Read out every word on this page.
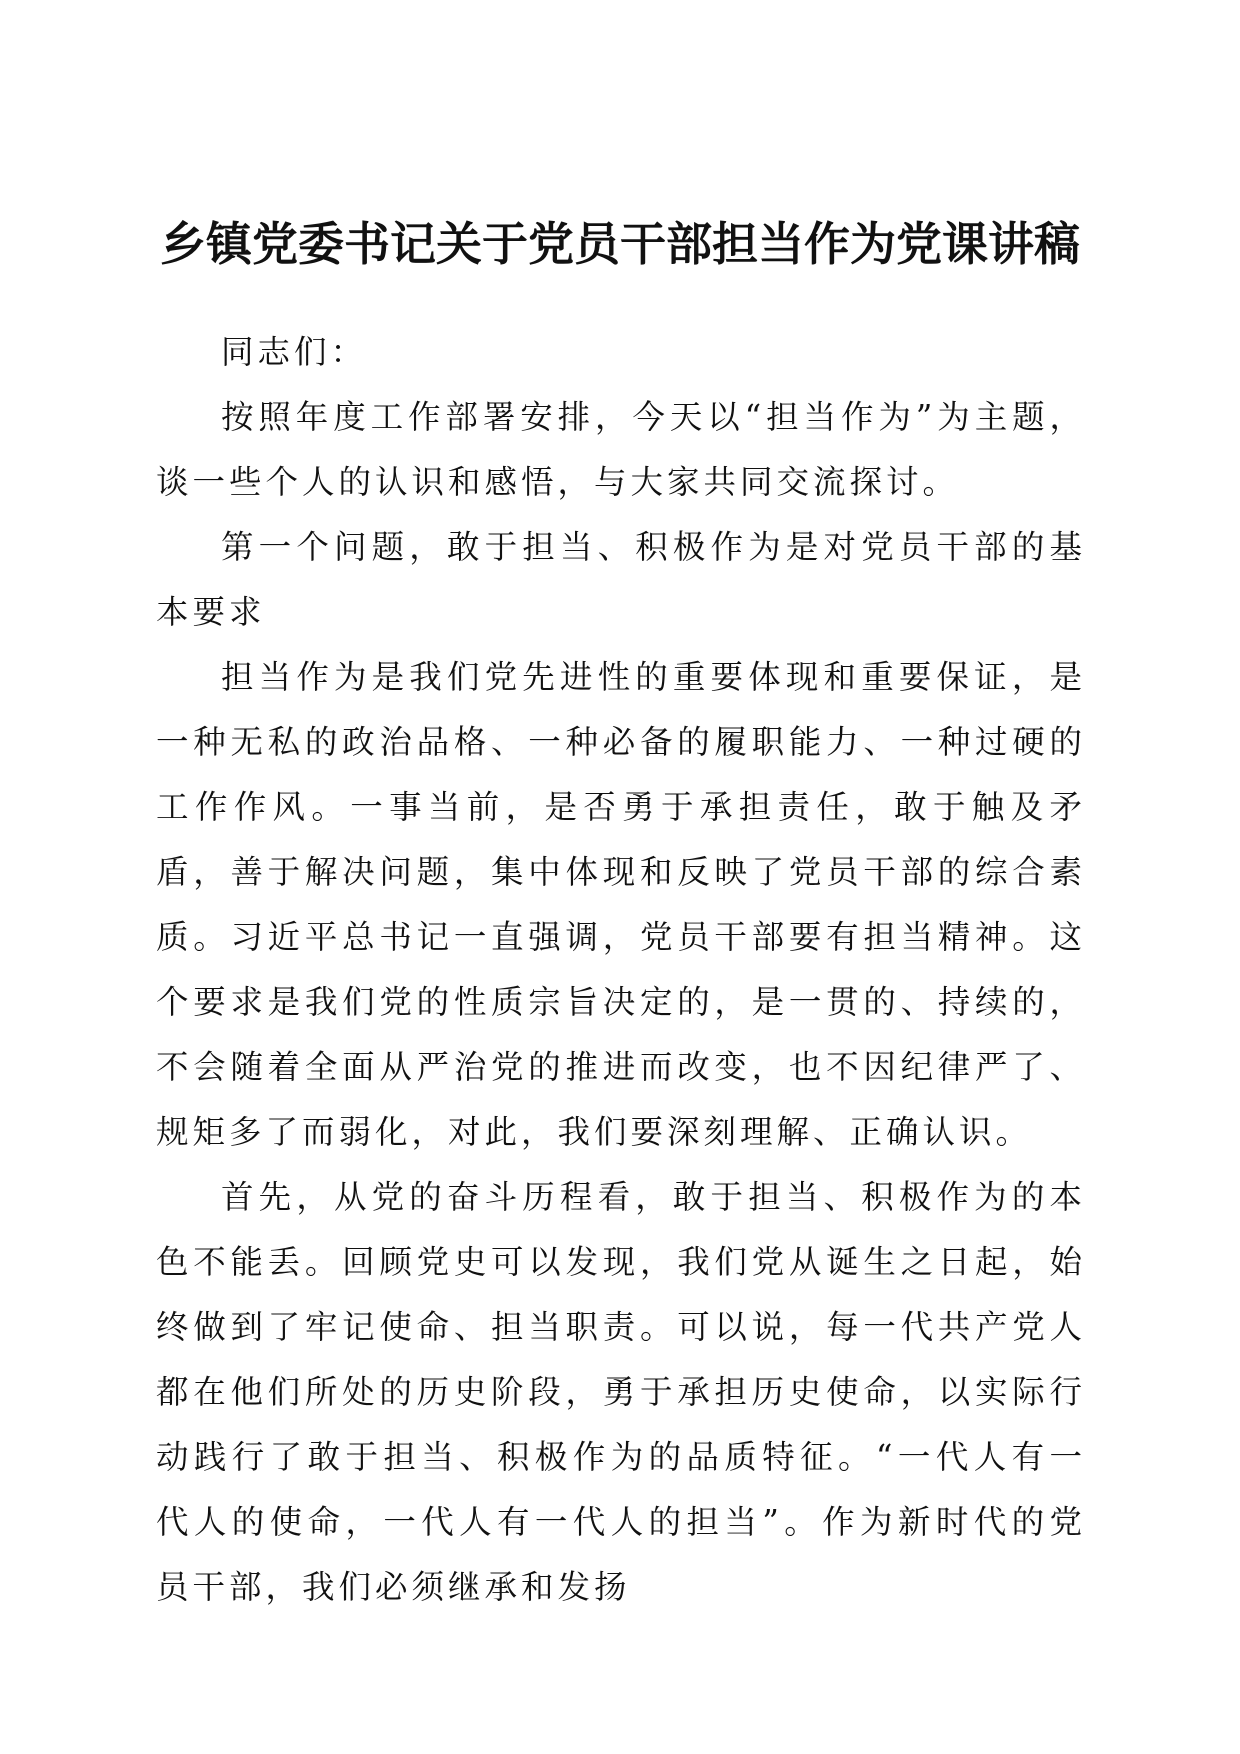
乡镇党委书记关于党员干部担当作为党课讲稿

同志们：

按照年度工作部署安排，今天以“担当作为”为主题，谈一些个人的认识和感悟，与大家共同交流探讨。

第一个问题，敢于担当、积极作为是对党员干部的基本要求

担当作为是我们党先进性的重要体现和重要保证，是一种无私的政治品格、一种必备的履职能力、一种过硬的工作作风。一事当前，是否勇于承担责任，敢于触及矛盾，善于解决问题，集中体现和反映了党员干部的综合素质。习近平总书记一直强调，党员干部要有担当精神。这个要求是我们党的性质宗旨决定的，是一贯的、持续的，不会随着全面从严治党的推进而改变，也不因纪律严了、规矩多了而弱化，对此，我们要深刻理解、正确认识。

首先，从党的奋斗历程看，敢于担当、积极作为的本色不能丢。回顾党史可以发现，我们党从诞生之日起，始终做到了牢记使命、担当职责。可以说，每一代共产党人都在他们所处的历史阶段，勇于承担历史使命，以实际行动践行了敢于担当、积极作为的品质特征。“一代人有一代人的使命，一代人有一代人的担当”。作为新时代的党员干部，我们必须继承和发扬
